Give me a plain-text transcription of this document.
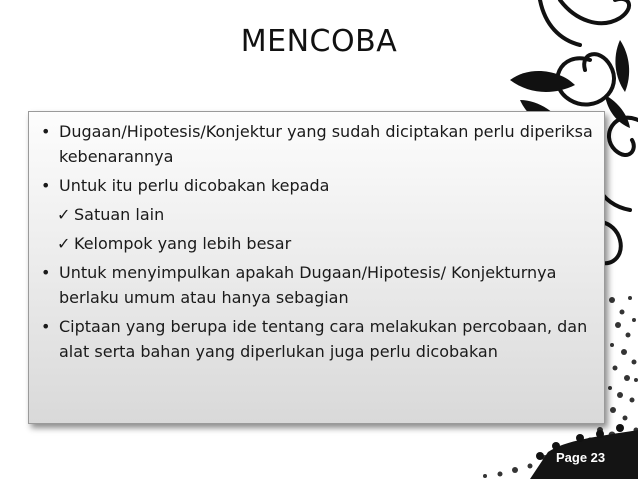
MENCOBA
• Dugaan/Hipotesis/Konjektur yang sudah diciptakan perlu diperiksa kebenarannya
• Untuk itu perlu dicobakan kepada
✓ Satuan lain
✓ Kelompok yang lebih besar
• Untuk menyimpulkan apakah Dugaan/Hipotesis/ Konjekturnya berlaku umum atau hanya sebagian
• Ciptaan yang berupa ide tentang cara melakukan percobaan, dan alat serta bahan yang diperlukan juga perlu dicobakan
Page 23
